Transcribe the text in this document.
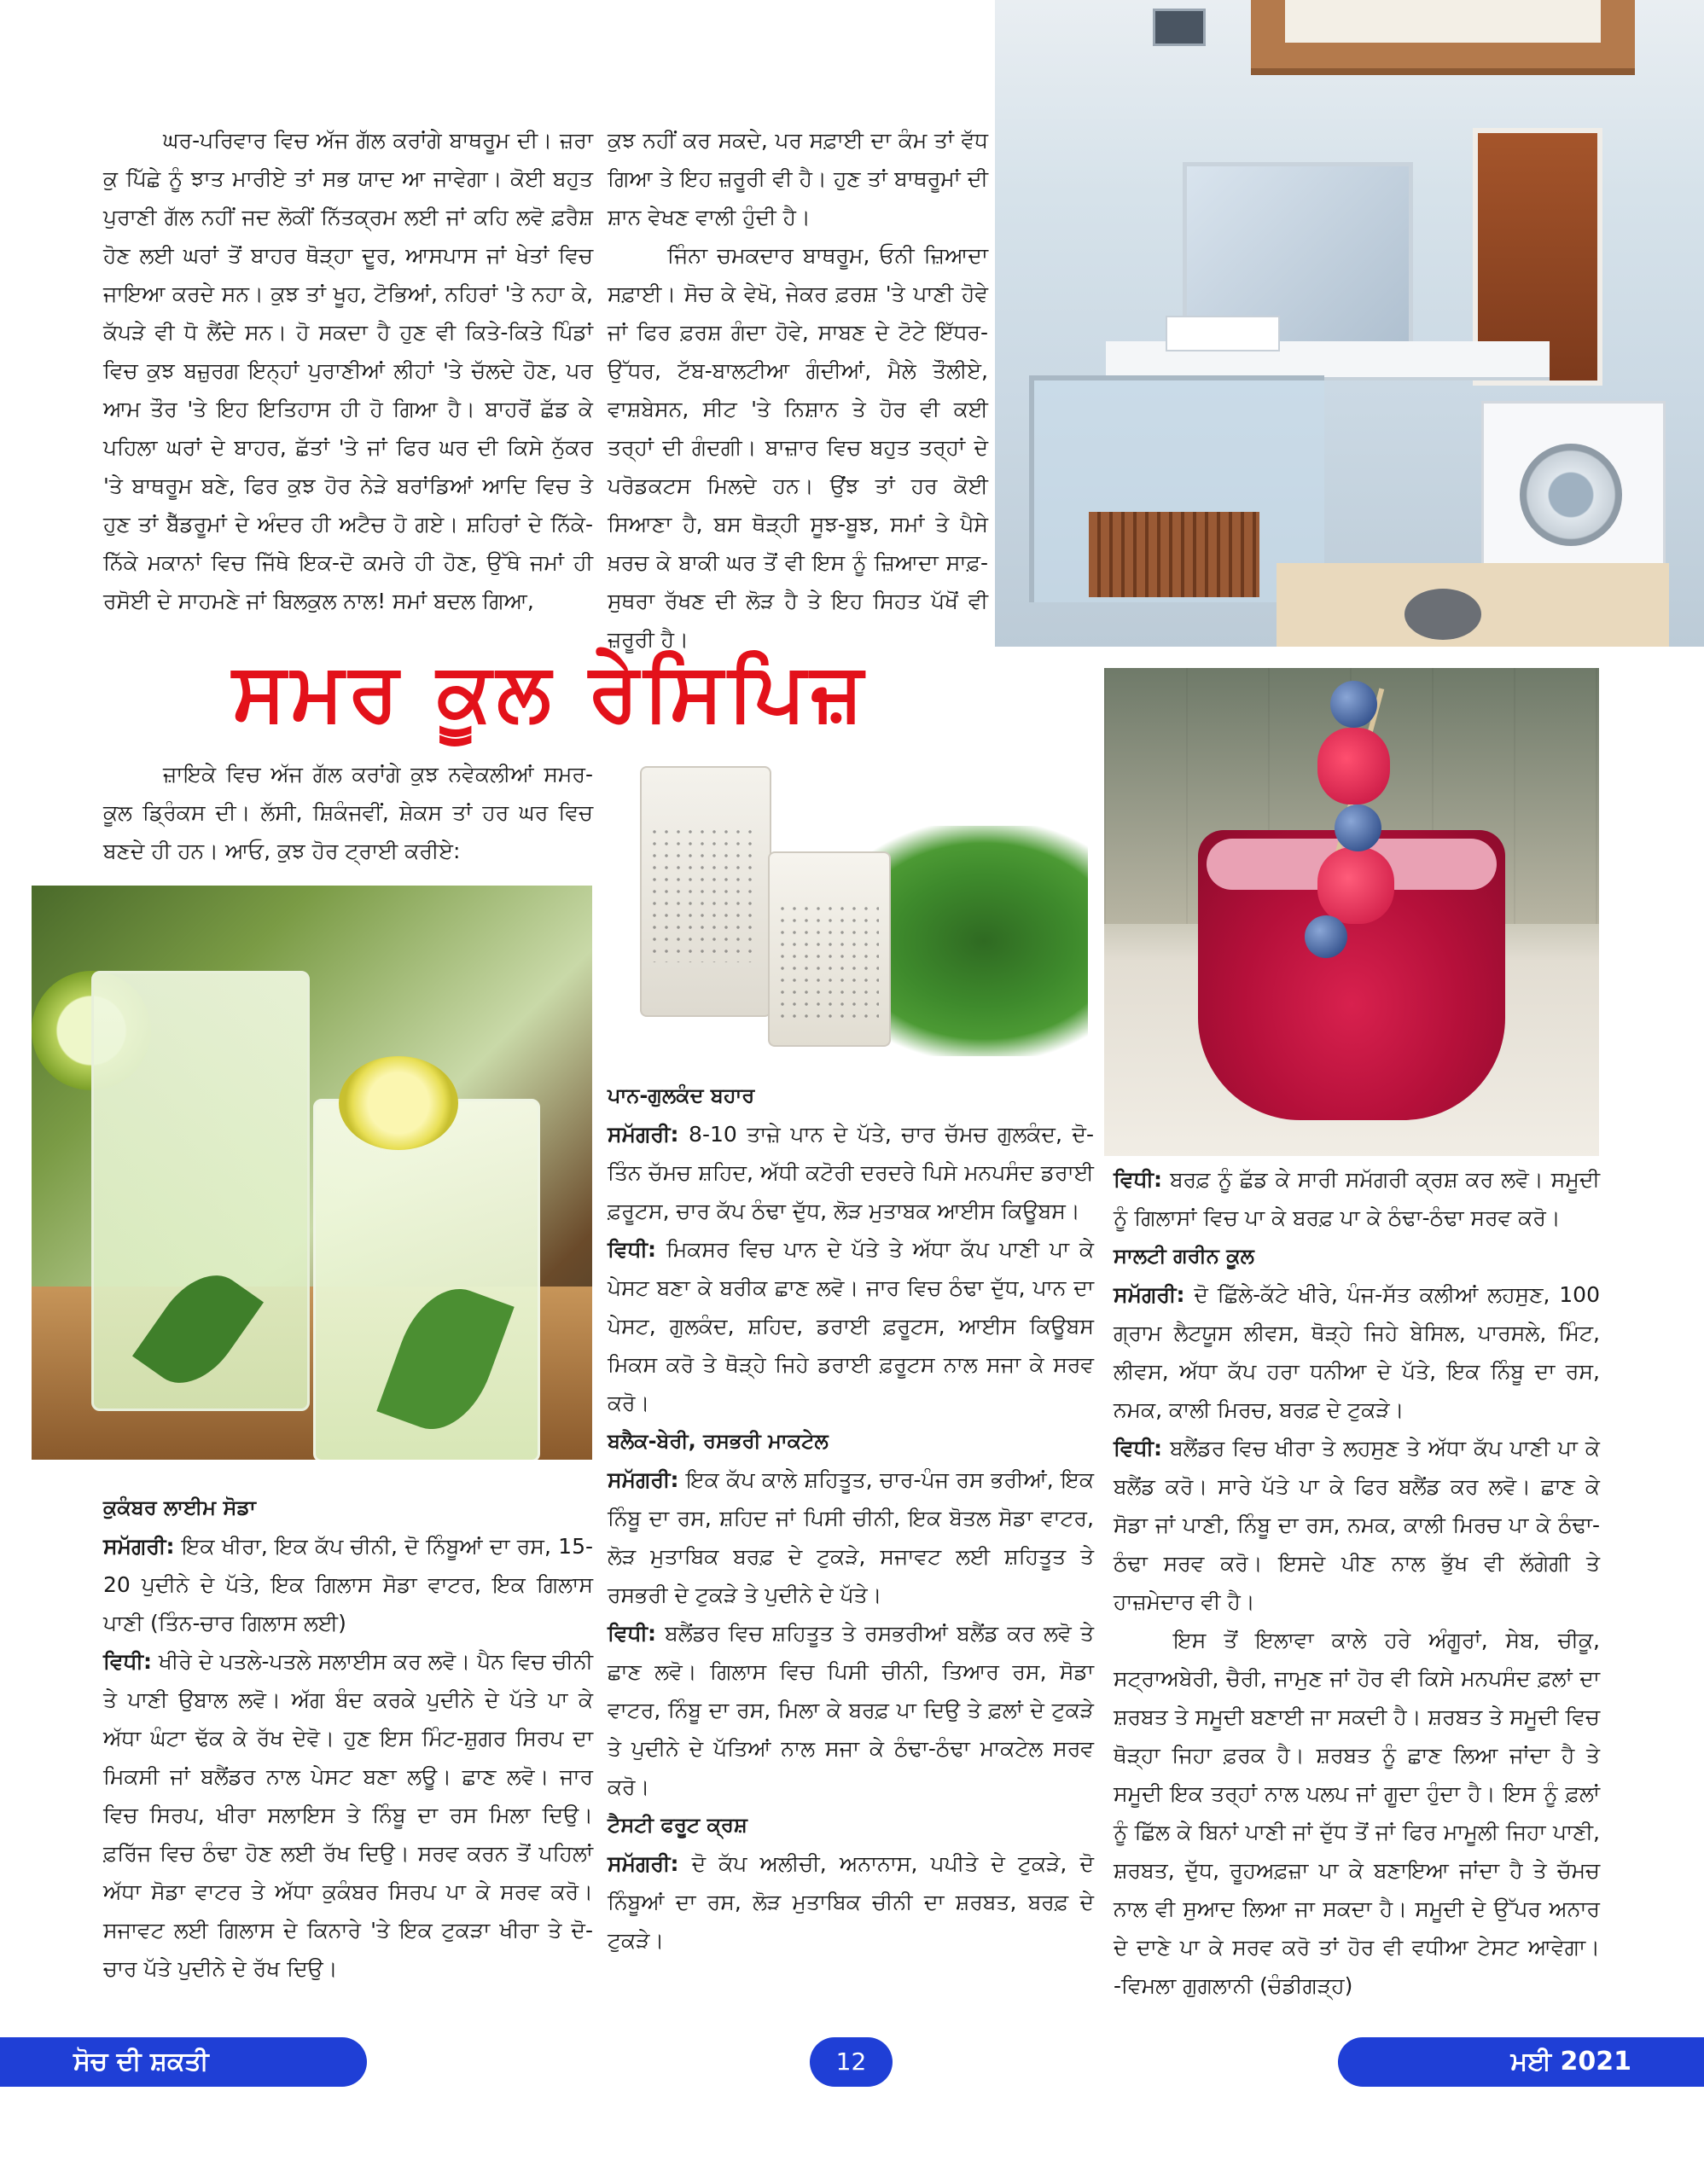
ਘਰ-ਪਰਿਵਾਰ ਵਿਚ ਅੱਜ ਗੱਲ ਕਰਾਂਗੇ ਬਾਥਰੂਮ ਦੀ। ਜ਼ਰਾ ਕੁ ਪਿੱਛੇ ਨੂੰ ਝਾਤ ਮਾਰੀਏ ਤਾਂ ਸਭ ਯਾਦ ਆ ਜਾਵੇਗਾ। ਕੋਈ ਬਹੁਤ ਪੁਰਾਣੀ ਗੱਲ ਨਹੀਂ ਜਦ ਲੋਕੀਂ ਨਿੱਤਕ੍ਰਮ ਲਈ ਜਾਂ ਕਹਿ ਲਵੋ ਫ਼ਰੈਸ਼ ਹੋਣ ਲਈ ਘਰਾਂ ਤੋਂ ਬਾਹਰ ਥੋੜ੍ਹਾ ਦੂਰ, ਆਸਪਾਸ ਜਾਂ ਖੇਤਾਂ ਵਿਚ ਜਾਇਆ ਕਰਦੇ ਸਨ। ਕੁਝ ਤਾਂ ਖੂਹ, ਟੋਭਿਆਂ, ਨਹਿਰਾਂ 'ਤੇ ਨਹਾ ਕੇ, ਕੱਪੜੇ ਵੀ ਧੋ ਲੈਂਦੇ ਸਨ। ਹੋ ਸਕਦਾ ਹੈ ਹੁਣ ਵੀ ਕਿਤੇ-ਕਿਤੇ ਪਿੰਡਾਂ ਵਿਚ ਕੁਝ ਬਜ਼ੁਰਗ ਇਨ੍ਹਾਂ ਪੁਰਾਣੀਆਂ ਲੀਹਾਂ 'ਤੇ ਚੱਲਦੇ ਹੋਣ, ਪਰ ਆਮ ਤੌਰ 'ਤੇ ਇਹ ਇਤਿਹਾਸ ਹੀ ਹੋ ਗਿਆ ਹੈ। ਬਾਹਰੋਂ ਛੱਡ ਕੇ ਪਹਿਲਾ ਘਰਾਂ ਦੇ ਬਾਹਰ, ਛੱਤਾਂ 'ਤੇ ਜਾਂ ਫਿਰ ਘਰ ਦੀ ਕਿਸੇ ਨੁੱਕਰ 'ਤੇ ਬਾਥਰੂਮ ਬਣੇ, ਫਿਰ ਕੁਝ ਹੋਰ ਨੇੜੇ ਬਰਾਂਡਿਆਂ ਆਦਿ ਵਿਚ ਤੇ ਹੁਣ ਤਾਂ ਬੈੱਡਰੂਮਾਂ ਦੇ ਅੰਦਰ ਹੀ ਅਟੈਚ ਹੋ ਗਏ। ਸ਼ਹਿਰਾਂ ਦੇ ਨਿੱਕੇ-ਨਿੱਕੇ ਮਕਾਨਾਂ ਵਿਚ ਜਿੱਥੇ ਇਕ-ਦੋ ਕਮਰੇ ਹੀ ਹੋਣ, ਉੱਥੇ ਜਮਾਂ ਹੀ ਰਸੋਈ ਦੇ ਸਾਹਮਣੇ ਜਾਂ ਬਿਲਕੁਲ ਨਾਲ! ਸਮਾਂ ਬਦਲ ਗਿਆ,

ਕੁਝ ਨਹੀਂ ਕਰ ਸਕਦੇ, ਪਰ ਸਫ਼ਾਈ ਦਾ ਕੰਮ ਤਾਂ ਵੱਧ ਗਿਆ ਤੇ ਇਹ ਜ਼ਰੂਰੀ ਵੀ ਹੈ। ਹੁਣ ਤਾਂ ਬਾਥਰੂਮਾਂ ਦੀ ਸ਼ਾਨ ਵੇਖਣ ਵਾਲੀ ਹੁੰਦੀ ਹੈ।

ਜਿੰਨਾ ਚਮਕਦਾਰ ਬਾਥਰੂਮ, ਓਨੀ ਜ਼ਿਆਦਾ ਸਫ਼ਾਈ। ਸੋਚ ਕੇ ਵੇਖੋ, ਜੇਕਰ ਫ਼ਰਸ਼ 'ਤੇ ਪਾਣੀ ਹੋਵੇ ਜਾਂ ਫਿਰ ਫ਼ਰਸ਼ ਗੰਦਾ ਹੋਵੇ, ਸਾਬਣ ਦੇ ਟੋਟੇ ਇੱਧਰ-ਉੱਧਰ, ਟੱਬ-ਬਾਲਟੀਆ ਗੰਦੀਆਂ, ਮੈਲੇ ਤੌਲੀਏ, ਵਾਸ਼ਬੇਸਨ, ਸੀਟ 'ਤੇ ਨਿਸ਼ਾਨ ਤੇ ਹੋਰ ਵੀ ਕਈ ਤਰ੍ਹਾਂ ਦੀ ਗੰਦਗੀ। ਬਾਜ਼ਾਰ ਵਿਚ ਬਹੁਤ ਤਰ੍ਹਾਂ ਦੇ ਪਰੋਡਕਟਸ ਮਿਲਦੇ ਹਨ। ਉਂਝ ਤਾਂ ਹਰ ਕੋਈ ਸਿਆਣਾ ਹੈ, ਬਸ ਥੋੜ੍ਹੀ ਸੂਝ-ਬੂਝ, ਸਮਾਂ ਤੇ ਪੈਸੇ ਖ਼ਰਚ ਕੇ ਬਾਕੀ ਘਰ ਤੋਂ ਵੀ ਇਸ ਨੂੰ ਜ਼ਿਆਦਾ ਸਾਫ਼-ਸੁਥਰਾ ਰੱਖਣ ਦੀ ਲੋੜ ਹੈ ਤੇ ਇਹ ਸਿਹਤ ਪੱਖੋਂ ਵੀ ਜ਼ਰੂਰੀ ਹੈ।

ਸਮਰ ਕੂਲ ਰੇਸਿਪਿਜ਼

ਜ਼ਾਇਕੇ ਵਿਚ ਅੱਜ ਗੱਲ ਕਰਾਂਗੇ ਕੁਝ ਨਵੇਕਲੀਆਂ ਸਮਰ-ਕੂਲ ਡ੍ਰਿੰਕਸ ਦੀ। ਲੱਸੀ, ਸ਼ਿਕੰਜਵੀਂ, ਸ਼ੇਕਸ ਤਾਂ ਹਰ ਘਰ ਵਿਚ ਬਣਦੇ ਹੀ ਹਨ। ਆਓ, ਕੁਝ ਹੋਰ ਟ੍ਰਾਈ ਕਰੀਏ:

ਕੁਕੰਬਰ ਲਾਈਮ ਸੋਡਾ

ਸਮੱਗਰੀ: ਇਕ ਖੀਰਾ, ਇਕ ਕੱਪ ਚੀਨੀ, ਦੋ ਨਿੰਬੂਆਂ ਦਾ ਰਸ, 15-20 ਪੁਦੀਨੇ ਦੇ ਪੱਤੇ, ਇਕ ਗਿਲਾਸ ਸੋਡਾ ਵਾਟਰ, ਇਕ ਗਿਲਾਸ ਪਾਣੀ (ਤਿੰਨ-ਚਾਰ ਗਿਲਾਸ ਲਈ)

ਵਿਧੀ: ਖੀਰੇ ਦੇ ਪਤਲੇ-ਪਤਲੇ ਸਲਾਈਸ ਕਰ ਲਵੋ। ਪੈਨ ਵਿਚ ਚੀਨੀ ਤੇ ਪਾਣੀ ਉਬਾਲ ਲਵੋ। ਅੱਗ ਬੰਦ ਕਰਕੇ ਪੁਦੀਨੇ ਦੇ ਪੱਤੇ ਪਾ ਕੇ ਅੱਧਾ ਘੰਟਾ ਢੱਕ ਕੇ ਰੱਖ ਦੇਵੋ। ਹੁਣ ਇਸ ਮਿੰਟ-ਸ਼ੁਗਰ ਸਿਰਪ ਦਾ ਮਿਕਸੀ ਜਾਂ ਬਲੈਂਡਰ ਨਾਲ ਪੇਸਟ ਬਣਾ ਲਊ। ਛਾਣ ਲਵੋ। ਜਾਰ ਵਿਚ ਸਿਰਪ, ਖੀਰਾ ਸਲਾਇਸ ਤੇ ਨਿੰਬੂ ਦਾ ਰਸ ਮਿਲਾ ਦਿਉ। ਫ਼ਰਿੱਜ ਵਿਚ ਠੰਢਾ ਹੋਣ ਲਈ ਰੱਖ ਦਿਉ। ਸਰਵ ਕਰਨ ਤੋਂ ਪਹਿਲਾਂ ਅੱਧਾ ਸੋਡਾ ਵਾਟਰ ਤੇ ਅੱਧਾ ਕੁਕੰਬਰ ਸਿਰਪ ਪਾ ਕੇ ਸਰਵ ਕਰੋ। ਸਜਾਵਟ ਲਈ ਗਿਲਾਸ ਦੇ ਕਿਨਾਰੇ 'ਤੇ ਇਕ ਟੁਕੜਾ ਖੀਰਾ ਤੇ ਦੋ-ਚਾਰ ਪੱਤੇ ਪੁਦੀਨੇ ਦੇ ਰੱਖ ਦਿਉ।

ਪਾਨ-ਗੁਲਕੰਦ ਬਹਾਰ

ਸਮੱਗਰੀ: 8-10 ਤਾਜ਼ੇ ਪਾਨ ਦੇ ਪੱਤੇ, ਚਾਰ ਚੱਮਚ ਗੁਲਕੰਦ, ਦੋ-ਤਿੰਨ ਚੱਮਚ ਸ਼ਹਿਦ, ਅੱਧੀ ਕਟੋਰੀ ਦਰਦਰੇ ਪਿਸੇ ਮਨਪਸੰਦ ਡਰਾਈ ਫ਼ਰੂਟਸ, ਚਾਰ ਕੱਪ ਠੰਢਾ ਦੁੱਧ, ਲੋੜ ਮੁਤਾਬਕ ਆਈਸ ਕਿਊਬਸ।

ਵਿਧੀ: ਮਿਕਸਰ ਵਿਚ ਪਾਨ ਦੇ ਪੱਤੇ ਤੇ ਅੱਧਾ ਕੱਪ ਪਾਣੀ ਪਾ ਕੇ ਪੇਸਟ ਬਣਾ ਕੇ ਬਰੀਕ ਛਾਣ ਲਵੋ। ਜਾਰ ਵਿਚ ਠੰਢਾ ਦੁੱਧ, ਪਾਨ ਦਾ ਪੇਸਟ, ਗੁਲਕੰਦ, ਸ਼ਹਿਦ, ਡਰਾਈ ਫ਼ਰੂਟਸ, ਆਈਸ ਕਿਊਬਸ ਮਿਕਸ ਕਰੋ ਤੇ ਥੋੜ੍ਹੇ ਜਿਹੇ ਡਰਾਈ ਫ਼ਰੂਟਸ ਨਾਲ ਸਜਾ ਕੇ ਸਰਵ ਕਰੋ।

ਬਲੈਕ-ਬੇਰੀ, ਰਸਭਰੀ ਮਾਕਟੇਲ

ਸਮੱਗਰੀ: ਇਕ ਕੱਪ ਕਾਲੇ ਸ਼ਹਿਤੂਤ, ਚਾਰ-ਪੰਜ ਰਸ ਭਰੀਆਂ, ਇਕ ਨਿੰਬੂ ਦਾ ਰਸ, ਸ਼ਹਿਦ ਜਾਂ ਪਿਸੀ ਚੀਨੀ, ਇਕ ਬੋਤਲ ਸੋਡਾ ਵਾਟਰ, ਲੋੜ ਮੁਤਾਬਿਕ ਬਰਫ਼ ਦੇ ਟੁਕੜੇ, ਸਜਾਵਟ ਲਈ ਸ਼ਹਿਤੂਤ ਤੇ ਰਸਭਰੀ ਦੇ ਟੁਕੜੇ ਤੇ ਪੁਦੀਨੇ ਦੇ ਪੱਤੇ।

ਵਿਧੀ: ਬਲੈਂਡਰ ਵਿਚ ਸ਼ਹਿਤੂਤ ਤੇ ਰਸਭਰੀਆਂ ਬਲੈਂਡ ਕਰ ਲਵੋ ਤੇ ਛਾਣ ਲਵੋ। ਗਿਲਾਸ ਵਿਚ ਪਿਸੀ ਚੀਨੀ, ਤਿਆਰ ਰਸ, ਸੋਡਾ ਵਾਟਰ, ਨਿੰਬੂ ਦਾ ਰਸ, ਮਿਲਾ ਕੇ ਬਰਫ਼ ਪਾ ਦਿਉ ਤੇ ਫ਼ਲਾਂ ਦੇ ਟੁਕੜੇ ਤੇ ਪੁਦੀਨੇ ਦੇ ਪੱਤਿਆਂ ਨਾਲ ਸਜਾ ਕੇ ਠੰਢਾ-ਠੰਢਾ ਮਾਕਟੇਲ ਸਰਵ ਕਰੋ।

ਟੈਸਟੀ ਫਰੂਟ ਕ੍ਰਸ਼

ਸਮੱਗਰੀ: ਦੋ ਕੱਪ ਅਲੀਚੀ, ਅਨਾਨਾਸ, ਪਪੀਤੇ ਦੇ ਟੁਕੜੇ, ਦੋ ਨਿੰਬੂਆਂ ਦਾ ਰਸ, ਲੋੜ ਮੁਤਾਬਿਕ ਚੀਨੀ ਦਾ ਸ਼ਰਬਤ, ਬਰਫ਼ ਦੇ ਟੁਕੜੇ।

ਵਿਧੀ: ਬਰਫ਼ ਨੂੰ ਛੱਡ ਕੇ ਸਾਰੀ ਸਮੱਗਰੀ ਕ੍ਰਸ਼ ਕਰ ਲਵੋ। ਸਮੂਦੀ ਨੂੰ ਗਿਲਾਸਾਂ ਵਿਚ ਪਾ ਕੇ ਬਰਫ਼ ਪਾ ਕੇ ਠੰਢਾ-ਠੰਢਾ ਸਰਵ ਕਰੋ।

ਸਾਲਟੀ ਗਰੀਨ ਕੂਲ

ਸਮੱਗਰੀ: ਦੋ ਛਿੱਲੇ-ਕੱਟੇ ਖੀਰੇ, ਪੰਜ-ਸੱਤ ਕਲੀਆਂ ਲਹਸੁਣ, 100 ਗ੍ਰਾਮ ਲੈਟਯੂਸ ਲੀਵਸ, ਥੋੜ੍ਹੇ ਜਿਹੇ ਬੇਸਿਲ, ਪਾਰਸਲੇ, ਮਿੰਟ, ਲੀਵਸ, ਅੱਧਾ ਕੱਪ ਹਰਾ ਧਨੀਆ ਦੇ ਪੱਤੇ, ਇਕ ਨਿੰਬੂ ਦਾ ਰਸ, ਨਮਕ, ਕਾਲੀ ਮਿਰਚ, ਬਰਫ਼ ਦੇ ਟੁਕੜੇ।

ਵਿਧੀ: ਬਲੈਂਡਰ ਵਿਚ ਖੀਰਾ ਤੇ ਲਹਸੁਣ ਤੇ ਅੱਧਾ ਕੱਪ ਪਾਣੀ ਪਾ ਕੇ ਬਲੈਂਡ ਕਰੋ। ਸਾਰੇ ਪੱਤੇ ਪਾ ਕੇ ਫਿਰ ਬਲੈਂਡ ਕਰ ਲਵੋ। ਛਾਣ ਕੇ ਸੋਡਾ ਜਾਂ ਪਾਣੀ, ਨਿੰਬੂ ਦਾ ਰਸ, ਨਮਕ, ਕਾਲੀ ਮਿਰਚ ਪਾ ਕੇ ਠੰਢਾ-ਠੰਢਾ ਸਰਵ ਕਰੋ। ਇਸਦੇ ਪੀਣ ਨਾਲ ਭੁੱਖ ਵੀ ਲੱਗੇਗੀ ਤੇ ਹਾਜ਼ਮੇਦਾਰ ਵੀ ਹੈ।

ਇਸ ਤੋਂ ਇਲਾਵਾ ਕਾਲੇ ਹਰੇ ਅੰਗੂਰਾਂ, ਸੇਬ, ਚੀਕੂ, ਸਟ੍ਰਾਅਬੇਰੀ, ਚੈਰੀ, ਜਾਮੁਣ ਜਾਂ ਹੋਰ ਵੀ ਕਿਸੇ ਮਨਪਸੰਦ ਫ਼ਲਾਂ ਦਾ ਸ਼ਰਬਤ ਤੇ ਸਮੂਦੀ ਬਣਾਈ ਜਾ ਸਕਦੀ ਹੈ। ਸ਼ਰਬਤ ਤੇ ਸਮੂਦੀ ਵਿਚ ਥੋੜ੍ਹਾ ਜਿਹਾ ਫ਼ਰਕ ਹੈ। ਸ਼ਰਬਤ ਨੂੰ ਛਾਣ ਲਿਆ ਜਾਂਦਾ ਹੈ ਤੇ ਸਮੂਦੀ ਇਕ ਤਰ੍ਹਾਂ ਨਾਲ ਪਲਪ ਜਾਂ ਗੂਦਾ ਹੁੰਦਾ ਹੈ। ਇਸ ਨੂੰ ਫ਼ਲਾਂ ਨੂੰ ਛਿੱਲ ਕੇ ਬਿਨਾਂ ਪਾਣੀ ਜਾਂ ਦੁੱਧ ਤੋਂ ਜਾਂ ਫਿਰ ਮਾਮੂਲੀ ਜਿਹਾ ਪਾਣੀ, ਸ਼ਰਬਤ, ਦੁੱਧ, ਰੂਹਅਫ਼ਜ਼ਾ ਪਾ ਕੇ ਬਣਾਇਆ ਜਾਂਦਾ ਹੈ ਤੇ ਚੱਮਚ ਨਾਲ ਵੀ ਸੁਆਦ ਲਿਆ ਜਾ ਸਕਦਾ ਹੈ। ਸਮੂਦੀ ਦੇ ਉੱਪਰ ਅਨਾਰ ਦੇ ਦਾਣੇ ਪਾ ਕੇ ਸਰਵ ਕਰੋ ਤਾਂ ਹੋਰ ਵੀ ਵਧੀਆ ਟੇਸਟ ਆਵੇਗਾ। -ਵਿਮਲਾ ਗੁਗਲਾਨੀ (ਚੰਡੀਗੜ੍ਹ)

ਸੋਚ ਦੀ ਸ਼ਕਤੀ	12	ਮਈ 2021
